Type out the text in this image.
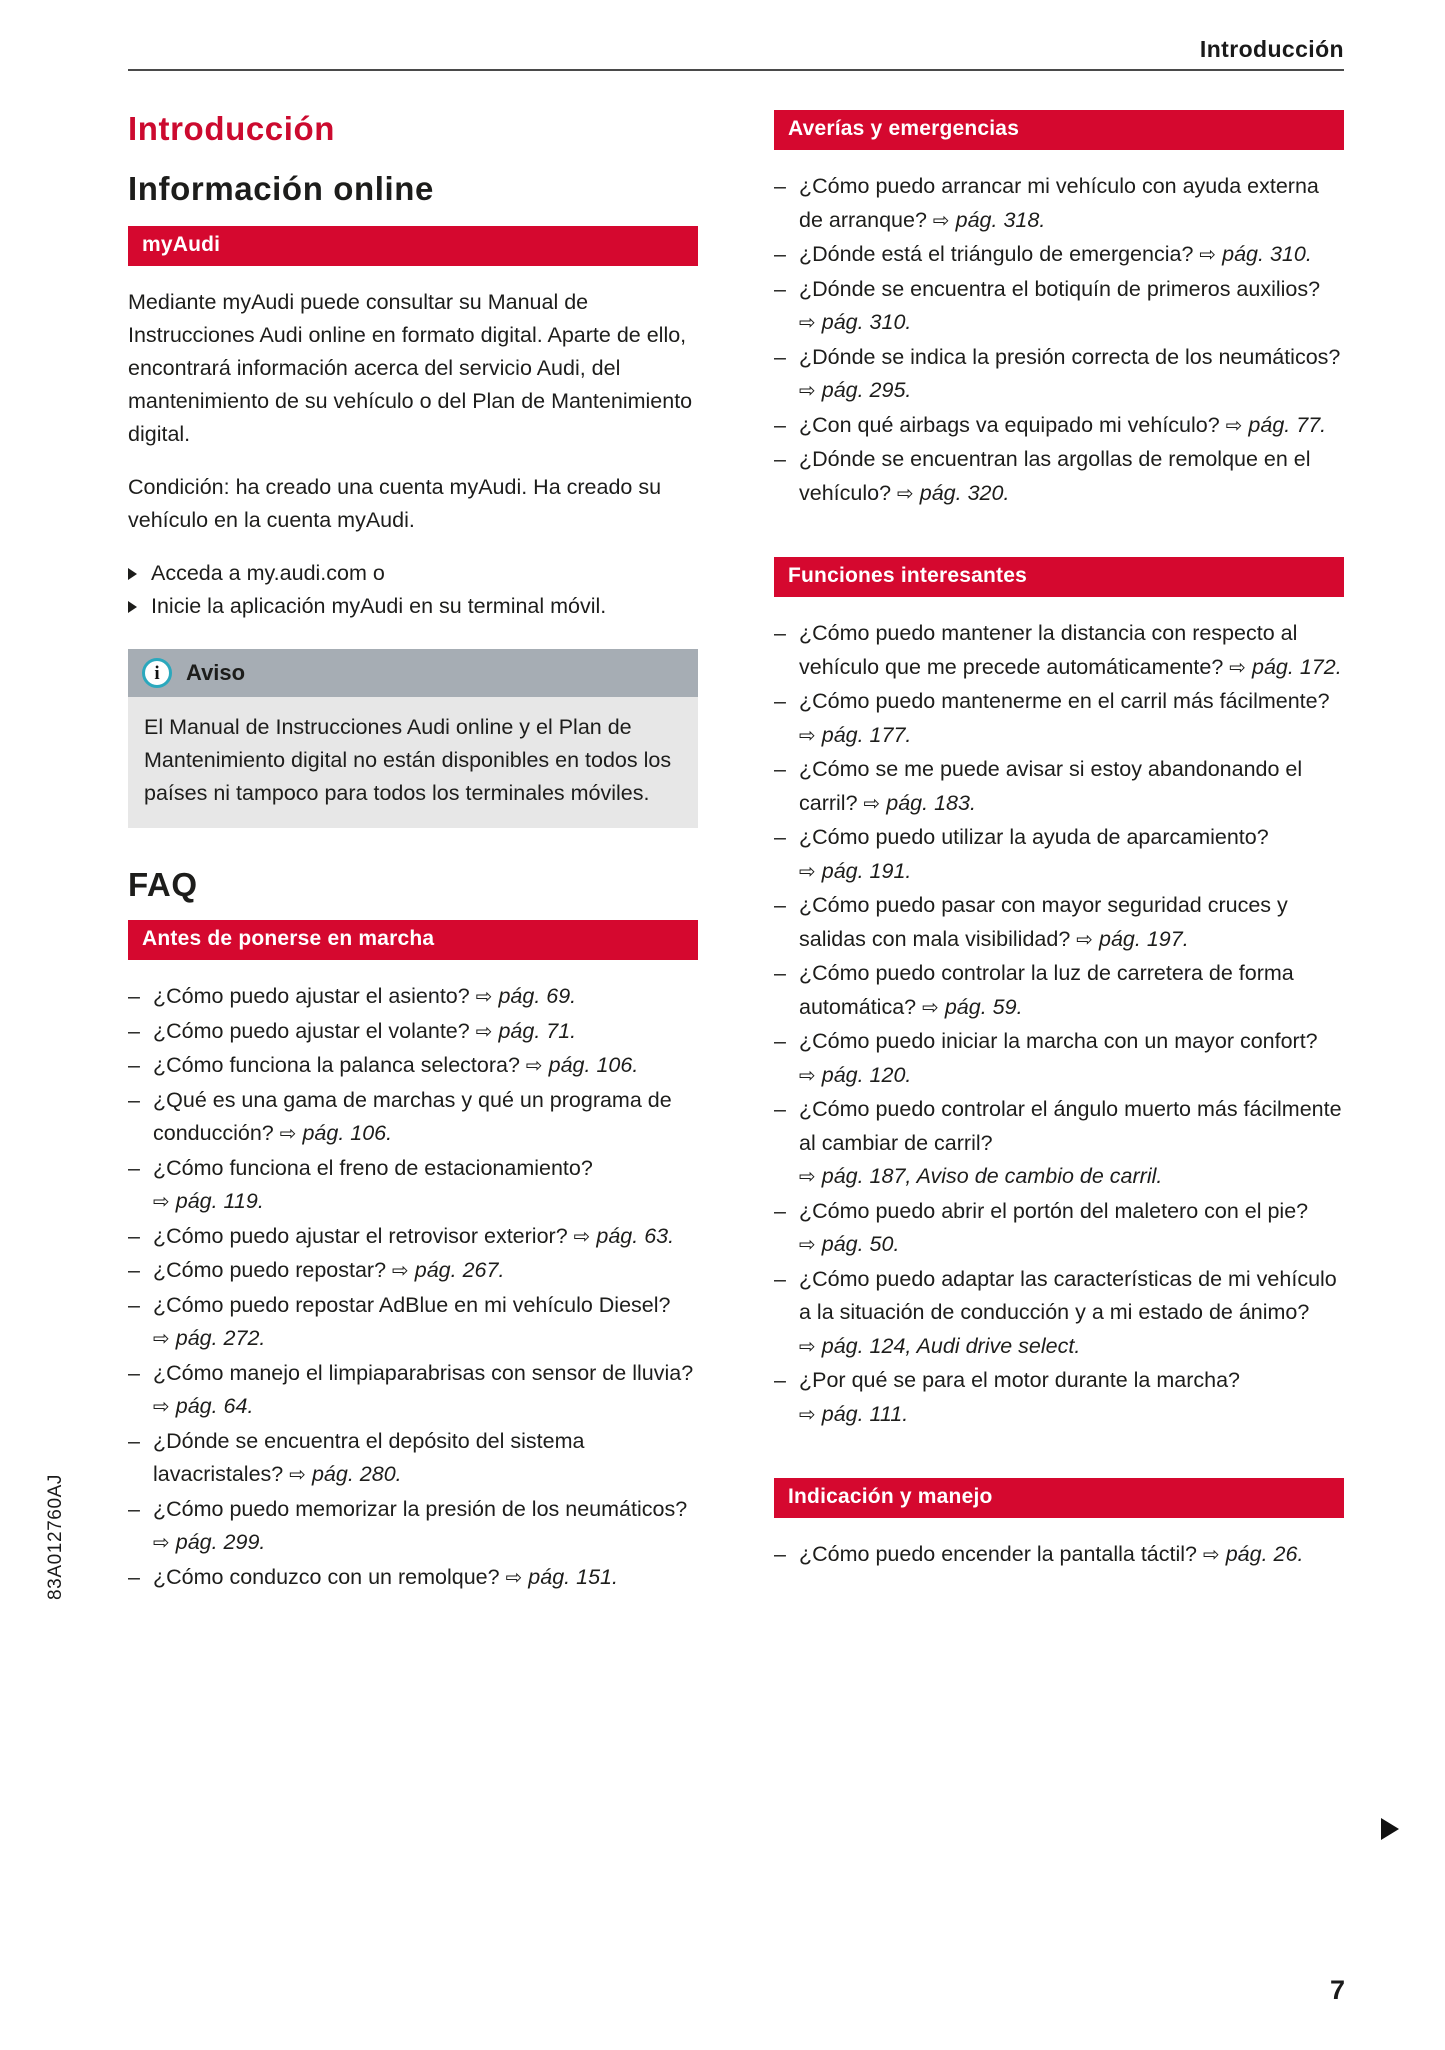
Introducción
83A012760AJ
Introducción
Información online
myAudi

Mediante myAudi puede consultar su Manual de Instrucciones Audi online en formato digital. Aparte de ello, encontrará información acerca del servicio Audi, del mantenimiento de su vehículo o del Plan de Mantenimiento digital.

Condición: ha creado una cuenta myAudi. Ha creado su vehículo en la cuenta myAudi.

Acceda a my.audi.com o
Inicie la aplicación myAudi en su terminal móvil.
i	Aviso
El Manual de Instrucciones Audi online y el Plan de Mantenimiento digital no están disponibles en todos los países ni tampoco para todos los terminales móviles.
FAQ
Antes de ponerse en marcha
– ¿Cómo puedo ajustar el asiento? ⇨ pág. 69.
– ¿Cómo puedo ajustar el volante? ⇨ pág. 71.
– ¿Cómo funciona la palanca selectora? ⇨ pág. 106.
– ¿Qué es una gama de marchas y qué un programa de conducción? ⇨ pág. 106.
– ¿Cómo funciona el freno de estacionamiento? ⇨ pág. 119.
– ¿Cómo puedo ajustar el retrovisor exterior? ⇨ pág. 63.
– ¿Cómo puedo repostar? ⇨ pág. 267.
– ¿Cómo puedo repostar AdBlue en mi vehículo Diesel? ⇨ pág. 272.
– ¿Cómo manejo el limpiaparabrisas con sensor de lluvia? ⇨ pág. 64.
– ¿Dónde se encuentra el depósito del sistema lavacristales? ⇨ pág. 280.
– ¿Cómo puedo memorizar la presión de los neumáticos? ⇨ pág. 299.
– ¿Cómo conduzco con un remolque? ⇨ pág. 151.
Averías y emergencias
– ¿Cómo puedo arrancar mi vehículo con ayuda externa de arranque? ⇨ pág. 318.
– ¿Dónde está el triángulo de emergencia? ⇨ pág. 310.
– ¿Dónde se encuentra el botiquín de primeros auxilios? ⇨ pág. 310.
– ¿Dónde se indica la presión correcta de los neumáticos? ⇨ pág. 295.
– ¿Con qué airbags va equipado mi vehículo? ⇨ pág. 77.
– ¿Dónde se encuentran las argollas de remolque en el vehículo? ⇨ pág. 320.
Funciones interesantes
– ¿Cómo puedo mantener la distancia con respecto al vehículo que me precede automáticamente? ⇨ pág. 172.
– ¿Cómo puedo mantenerme en el carril más fácilmente? ⇨ pág. 177.
– ¿Cómo se me puede avisar si estoy abandonando el carril? ⇨ pág. 183.
– ¿Cómo puedo utilizar la ayuda de aparcamiento? ⇨ pág. 191.
– ¿Cómo puedo pasar con mayor seguridad cruces y salidas con mala visibilidad? ⇨ pág. 197.
– ¿Cómo puedo controlar la luz de carretera de forma automática? ⇨ pág. 59.
– ¿Cómo puedo iniciar la marcha con un mayor confort? ⇨ pág. 120.
– ¿Cómo puedo controlar el ángulo muerto más fácilmente al cambiar de carril? ⇨ pág. 187, Aviso de cambio de carril.
– ¿Cómo puedo abrir el portón del maletero con el pie? ⇨ pág. 50.
– ¿Cómo puedo adaptar las características de mi vehículo a la situación de conducción y a mi estado de ánimo? ⇨ pág. 124, Audi drive select.
– ¿Por qué se para el motor durante la marcha? ⇨ pág. 111.
Indicación y manejo
– ¿Cómo puedo encender la pantalla táctil? ⇨ pág. 26.
7
